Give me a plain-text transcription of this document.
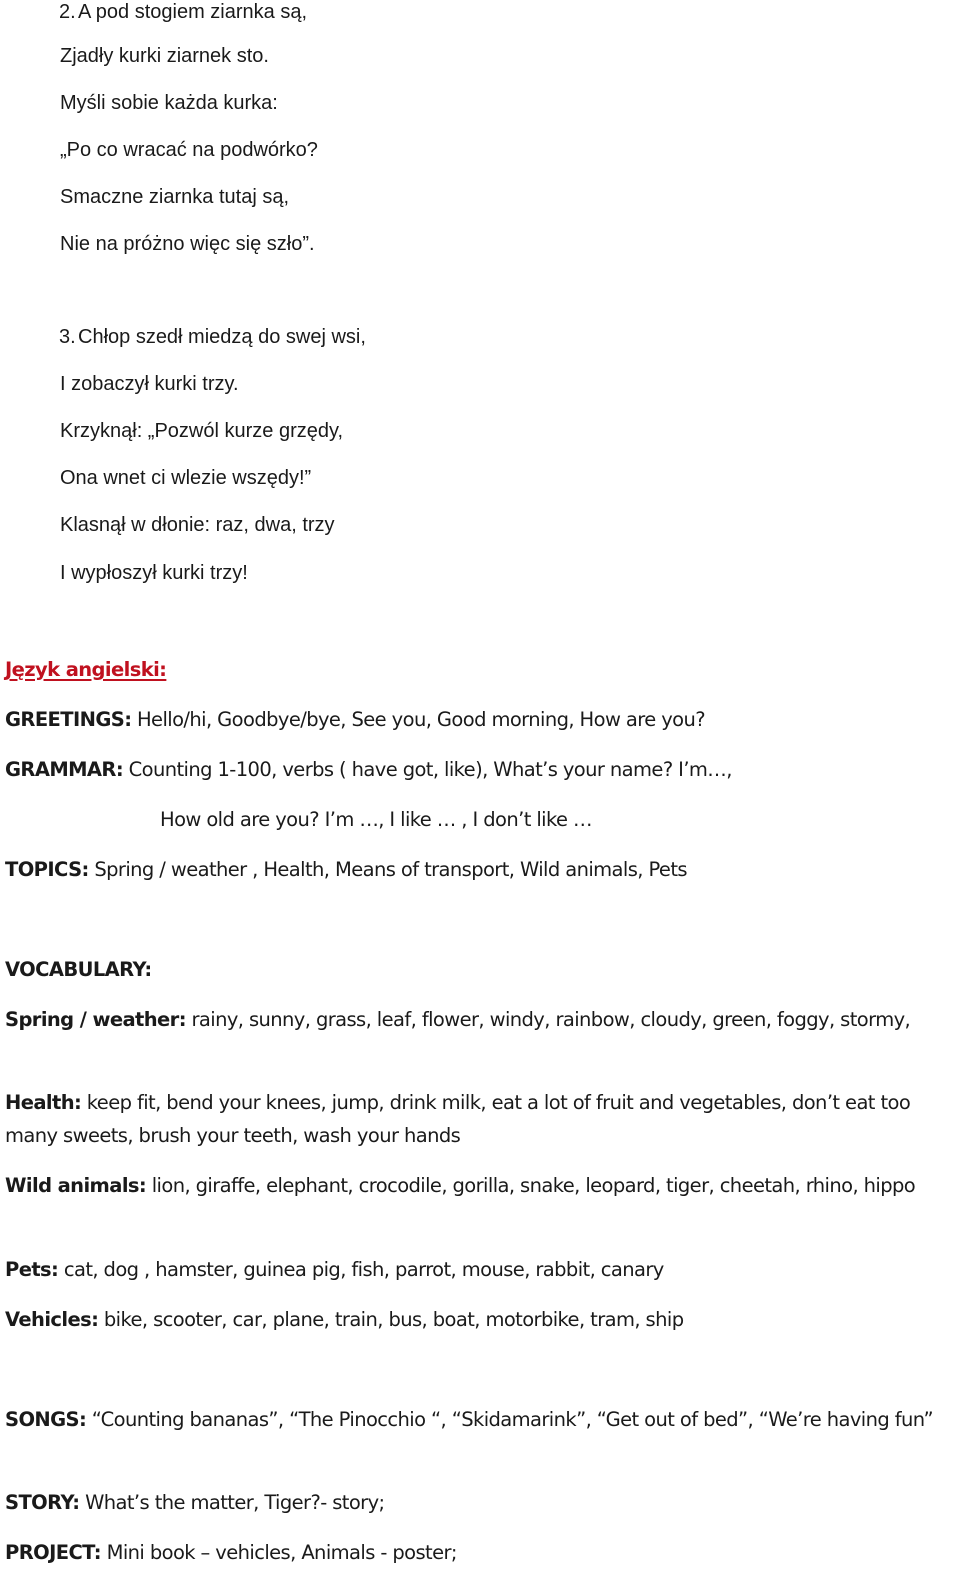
2. A pod stogiem ziarnka są,
Zjadły kurki ziarnek sto.
Myśli sobie każda kurka:
„Po co wracać na podwórko?
Smaczne ziarnka tutaj są,
Nie na próżno więc się szło”.
3. Chłop szedł miedzą do swej wsi,
I zobaczył kurki trzy.
Krzyknął: „Pozwól kurze grzędy,
Ona wnet ci wlezie wszędy!”
Klasnął w dłonie: raz, dwa, trzy
I wypłoszył kurki trzy!
Język angielski:
GREETINGS: Hello/hi, Goodbye/bye, See you, Good morning, How are you?
GRAMMAR: Counting 1-100, verbs ( have got, like), What’s your name? I’m…,
How old are you? I’m …, I like … , I don’t like …
TOPICS: Spring / weather , Health, Means of transport, Wild animals, Pets
VOCABULARY:
Spring / weather: rainy, sunny, grass, leaf, flower, windy, rainbow, cloudy, green, foggy, stormy,
Health: keep fit, bend your knees, jump, drink milk, eat a lot of fruit and vegetables, don’t eat too many sweets, brush your teeth, wash your hands
Wild animals: lion, giraffe, elephant, crocodile, gorilla, snake, leopard, tiger, cheetah, rhino, hippo
Pets: cat, dog , hamster, guinea pig, fish, parrot, mouse, rabbit, canary
Vehicles: bike, scooter, car, plane, train, bus, boat, motorbike, tram, ship
SONGS: “Counting bananas”, “The Pinocchio “, “Skidamarink”, “Get out of bed”, “We’re having fun”
STORY: What’s the matter, Tiger?- story;
PROJECT: Mini book – vehicles, Animals - poster;
